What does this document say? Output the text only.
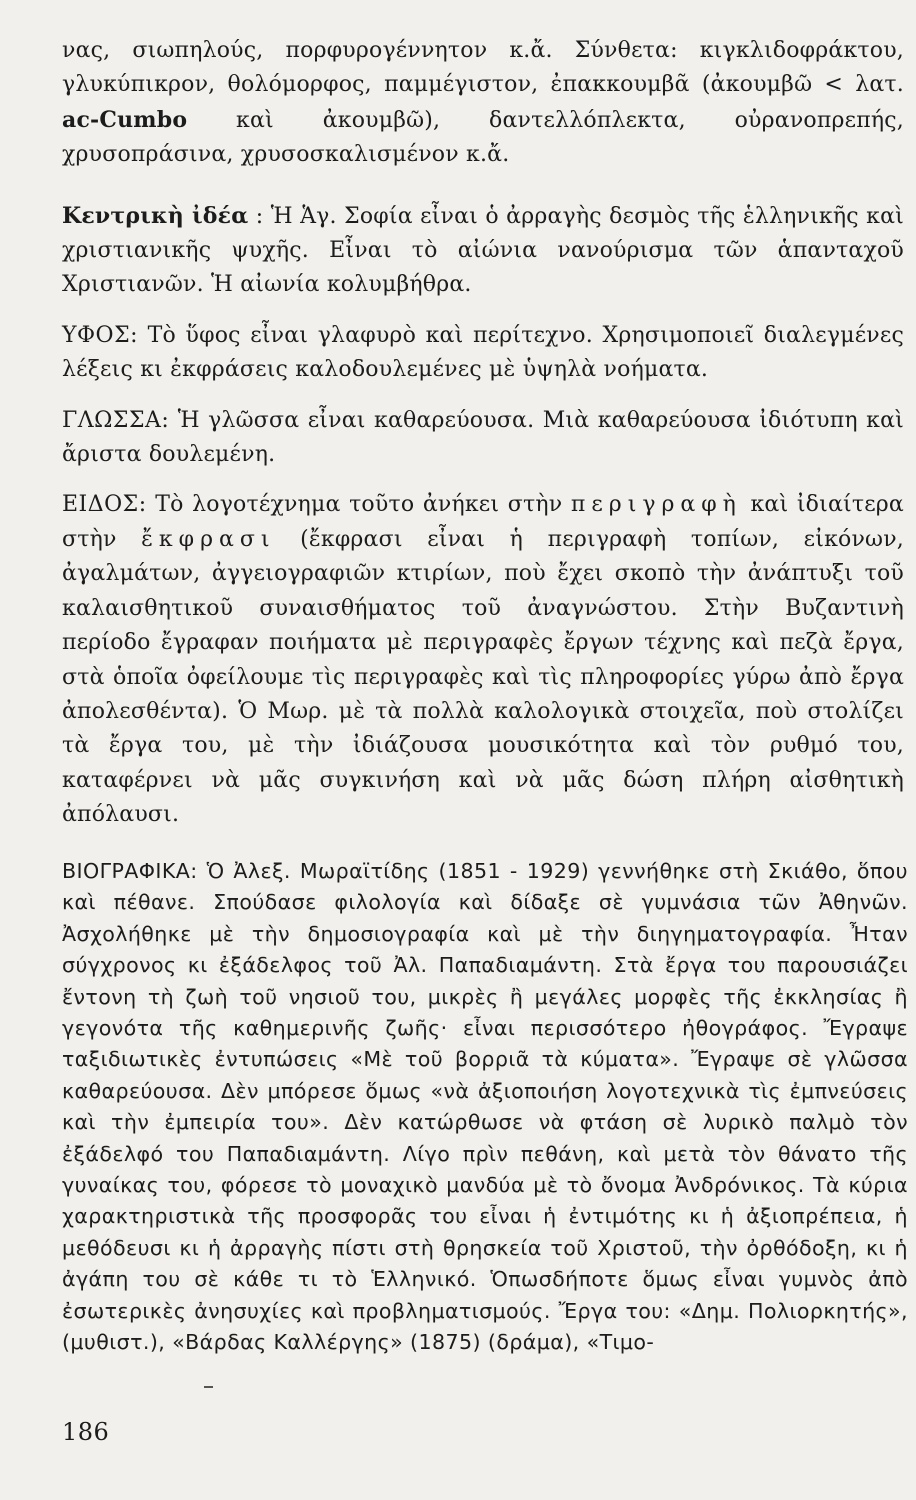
νας, σιωπηλούς, πορφυρογέννητον κ.ἄ. Σύνθετα: κιγκλιδοφράκτου, γλυκύπικρον, θολόμορφος, παμμέγιστον, ἐπακκουμβᾶ (ἀκουμβῶ < λατ. ac-Cumbo καὶ ἀκουμβῶ), δαντελλόπλεκτα, οὐρανοπρεπής, χρυσοπράσινα, χρυσοσκαλισμένον κ.ἄ.

Κεντρικὴ ἰδέα : Ἡ Ἁγ. Σοφία εἶναι ὁ ἀρραγὴς δεσμὸς τῆς ἑλληνικῆς καὶ χριστιανικῆς ψυχῆς. Εἶναι τὸ αἰώνια νανούρισμα τῶν ἁπανταχοῦ Χριστιανῶν. Ἡ αἰωνία κολυμβήθρα.

ΥΦΟΣ: Τὸ ὕφος εἶναι γλαφυρὸ καὶ περίτεχνο. Χρησιμοποιεῖ διαλεγμένες λέξεις κι ἐκφράσεις καλοδουλεμένες μὲ ὑψηλὰ νοήματα.

ΓΛΩΣΣΑ: Ἡ γλῶσσα εἶναι καθαρεύουσα. Μιὰ καθαρεύουσα ἰδιότυπη καὶ ἄριστα δουλεμένη.

ΕΙΔΟΣ: Τὸ λογοτέχνημα τοῦτο ἀνήκει στὴν περιγραφὴ καὶ ἰδιαίτερα στὴν ἔκφρασι (ἔκφρασι εἶναι ἡ περιγραφὴ τοπίων, εἰκόνων, ἀγαλμάτων, ἀγγειογραφιῶν κτιρίων, ποὺ ἔχει σκοπὸ τὴν ἀνάπτυξι τοῦ καλαισθητικοῦ συναισθήματος τοῦ ἀναγνώστου. Στὴν Βυζαντινὴ περίοδο ἔγραφαν ποιήματα μὲ περιγραφὲς ἔργων τέχνης καὶ πεζὰ ἔργα, στὰ ὁποῖα ὀφείλουμε τὶς περιγραφὲς καὶ τὶς πληροφορίες γύρω ἀπὸ ἔργα ἀπολεσθέντα). Ὁ Μωρ. μὲ τὰ πολλὰ καλολογικὰ στοιχεῖα, ποὺ στολίζει τὰ ἔργα του, μὲ τὴν ἰδιάζουσα μουσικότητα καὶ τὸν ρυθμό του, καταφέρνει νὰ μᾶς συγκινήση καὶ νὰ μᾶς δώση πλήρη αἰσθητικὴ ἀπόλαυσι.

ΒΙΟΓΡΑΦΙΚΑ: Ὁ Ἀλεξ. Μωραϊτίδης (1851 - 1929) γεννήθηκε στὴ Σκιάθο, ὅπου καὶ πέθανε. Σπούδασε φιλολογία καὶ δίδαξε σὲ γυμνάσια τῶν Ἀθηνῶν. Ἀσχολήθηκε μὲ τὴν δημοσιογραφία καὶ μὲ τὴν διηγηματογραφία. Ἦταν σύγχρονος κι ἐξάδελφος τοῦ Ἀλ. Παπαδιαμάντη. Στὰ ἔργα του παρουσιάζει ἔντονη τὴ ζωὴ τοῦ νησιοῦ του, μικρὲς ἢ μεγάλες μορφὲς τῆς ἐκκλησίας ἢ γεγονότα τῆς καθημερινῆς ζωῆς· εἶναι περισσότερο ἠθογράφος. Ἔγραψε ταξιδιωτικὲς ἐντυπώσεις «Μὲ τοῦ βορριᾶ τὰ κύματα». Ἔγραψε σὲ γλῶσσα καθαρεύουσα. Δὲν μπόρεσε ὅμως «νὰ ἀξιοποιήση λογοτεχνικὰ τὶς ἐμπνεύσεις καὶ τὴν ἐμπειρία του». Δὲν κατώρθωσε νὰ φτάση σὲ λυρικὸ παλμὸ τὸν ἐξάδελφό του Παπαδιαμάντη. Λίγο πρὶν πεθάνη, καὶ μετὰ τὸν θάνατο τῆς γυναίκας του, φόρεσε τὸ μοναχικὸ μανδύα μὲ τὸ ὄνομα Ἀνδρόνικος. Τὰ κύρια χαρακτηριστικὰ τῆς προσφορᾶς του εἶναι ἡ ἐντιμότης κι ἡ ἀξιοπρέπεια, ἡ μεθόδευσι κι ἡ ἀρραγὴς πίστι στὴ θρησκεία τοῦ Χριστοῦ, τὴν ὀρθόδοξη, κι ἡ ἀγάπη του σὲ κάθε τι τὸ Ἑλληνικό. Ὁπωσδήποτε ὅμως εἶναι γυμνὸς ἀπὸ ἐσωτερικὲς ἀνησυχίες καὶ προβληματισμούς. Ἔργα του: «Δημ. Πολιορκητής», (μυθιστ.), «Βάρδας Καλλέργης» (1875) (δράμα), «Τιμο-

186
